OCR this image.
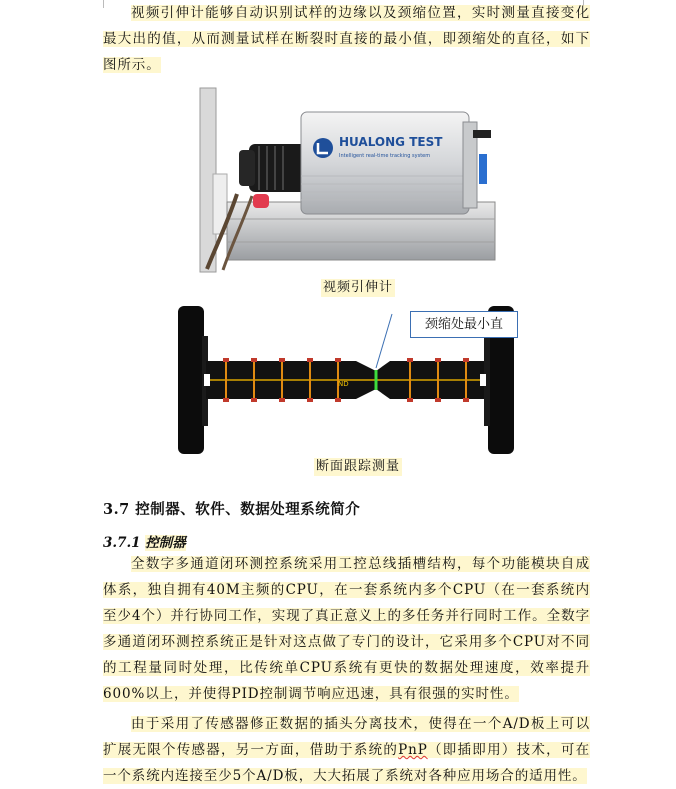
视频引伸计能够自动识别试样的边缘以及颈缩位置，实时测量直接变化最大出的值，从而测量试样在断裂时直接的最小值，即颈缩处的直径，如下图所示。
HUALONG TEST
Intelligent real-time tracking system
视频引伸计
ND
颈缩处最小直
断面跟踪测量
3.7 控制器、软件、数据处理系统简介
3.7.1 控制器
全数字多通道闭环测控系统采用工控总线插槽结构，每个功能模块自成体系，独自拥有40M主频的CPU，在一套系统内多个CPU（在一套系统内至少4个）并行协同工作，实现了真正意义上的多任务并行同时工作。全数字多通道闭环测控系统正是针对这点做了专门的设计，它采用多个CPU对不同的工程量同时处理，比传统单CPU系统有更快的数据处理速度，效率提升600%以上，并使得PID控制调节响应迅速，具有很强的实时性。
由于采用了传感器修正数据的插头分离技术，使得在一个A/D板上可以扩展无限个传感器，另一方面，借助于系统的PnP（即插即用）技术，可在一个系统内连接至少5个A/D板，大大拓展了系统对各种应用场合的适用性。
